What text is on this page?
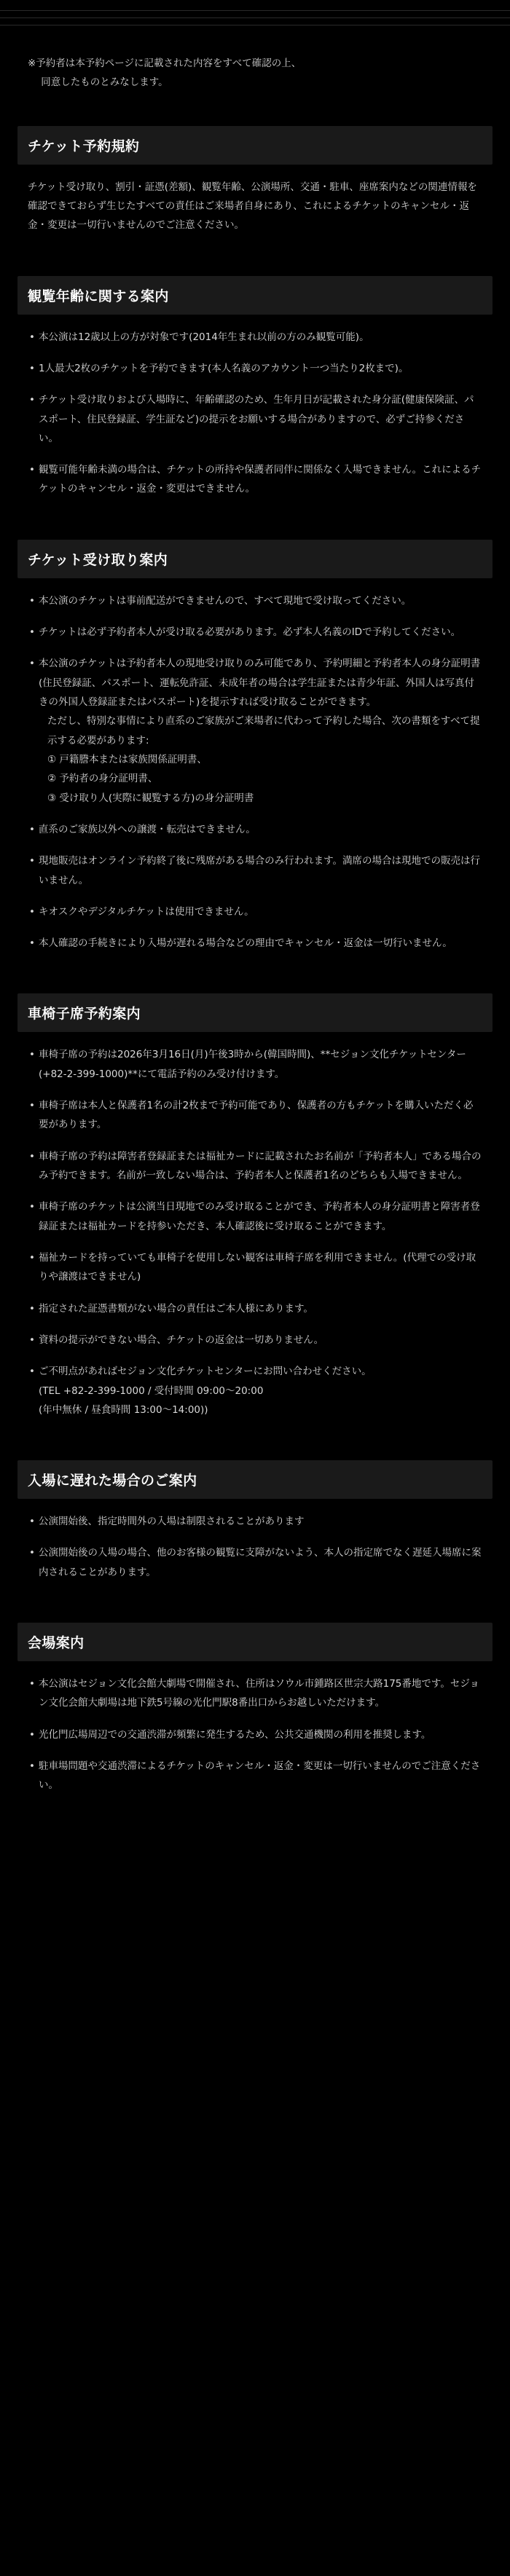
※予約者は本予約ページに記載された内容をすべて確認の上、
同意したものとみなします。
チケット予約規約
チケット受け取り、割引・証憑(差額)、観覧年齢、公演場所、交通・駐車、座席案内などの関連情報を確認できておらず生じたすべての責任はご来場者自身にあり、これによるチケットのキャンセル・返金・変更は一切行いませんのでご注意ください。
観覧年齢に関する案内
• 本公演は12歳以上の方が対象です(2014年生まれ以前の方のみ観覧可能)。
• 1人最大2枚のチケットを予約できます(本人名義のアカウント一つ当たり2枚まで)。
• チケット受け取りおよび入場時に、年齢確認のため、生年月日が記載された身分証(健康保険証、パスポート、住民登録証、学生証など)の提示をお願いする場合がありますので、必ずご持参ください。
• 観覧可能年齢未満の場合は、チケットの所持や保護者同伴に関係なく入場できません。これによるチケットのキャンセル・返金・変更はできません。
チケット受け取り案内
• 本公演のチケットは事前配送ができませんので、すべて現地で受け取ってください。
• チケットは必ず予約者本人が受け取る必要があります。必ず本人名義のIDで予約してください。
• 本公演のチケットは予約者本人の現地受け取りのみ可能であり、予約明細と予約者本人の身分証明書(住民登録証、パスポート、運転免許証、未成年者の場合は学生証または青少年証、外国人は写真付きの外国人登録証またはパスポート)を提示すれば受け取ることができます。
ただし、特別な事情により直系のご家族がご来場者に代わって予約した場合、次の書類をすべて提示する必要があります:
① 戸籍謄本または家族関係証明書、
② 予約者の身分証明書、
③ 受け取り人(実際に観覧する方)の身分証明書
• 直系のご家族以外への譲渡・転売はできません。
• 現地販売はオンライン予約終了後に残席がある場合のみ行われます。満席の場合は現地での販売は行いません。
• キオスクやデジタルチケットは使用できません。
• 本人確認の手続きにより入場が遅れる場合などの理由でキャンセル・返金は一切行いません。
車椅子席予約案内
• 車椅子席の予約は2026年3月16日(月)午後3時から(韓国時間)、**セジョン文化チケットセンター(+82-2-399-1000)**にて電話予約のみ受け付けます。
• 車椅子席は本人と保護者1名の計2枚まで予約可能であり、保護者の方もチケットを購入いただく必要があります。
• 車椅子席の予約は障害者登録証または福祉カードに記載されたお名前が「予約者本人」である場合のみ予約できます。名前が一致しない場合は、予約者本人と保護者1名のどちらも入場できません。
• 車椅子席のチケットは公演当日現地でのみ受け取ることができ、予約者本人の身分証明書と障害者登録証または福祉カードを持参いただき、本人確認後に受け取ることができます。
• 福祉カードを持っていても車椅子を使用しない観客は車椅子席を利用できません。(代理での受け取りや譲渡はできません)
• 指定された証憑書類がない場合の責任はご本人様にあります。
• 資料の提示ができない場合、チケットの返金は一切ありません。
• ご不明点があればセジョン文化チケットセンターにお問い合わせください。
(TEL +82-2-399-1000 / 受付時間 09:00〜20:00
(年中無休 / 昼食時間 13:00〜14:00))
入場に遅れた場合のご案内
• 公演開始後、指定時間外の入場は制限されることがあります
• 公演開始後の入場の場合、他のお客様の観覧に支障がないよう、本人の指定席でなく遅延入場席に案内されることがあります。
会場案内
• 本公演はセジョン文化会館大劇場で開催され、住所はソウル市鍾路区世宗大路175番地です。セジョン文化会館大劇場は地下鉄5号線の光化門駅8番出口からお越しいただけます。
• 光化門広場周辺での交通渋滞が頻繁に発生するため、公共交通機関の利用を推奨します。
• 駐車場問題や交通渋滞によるチケットのキャンセル・返金・変更は一切行いませんのでご注意ください。
